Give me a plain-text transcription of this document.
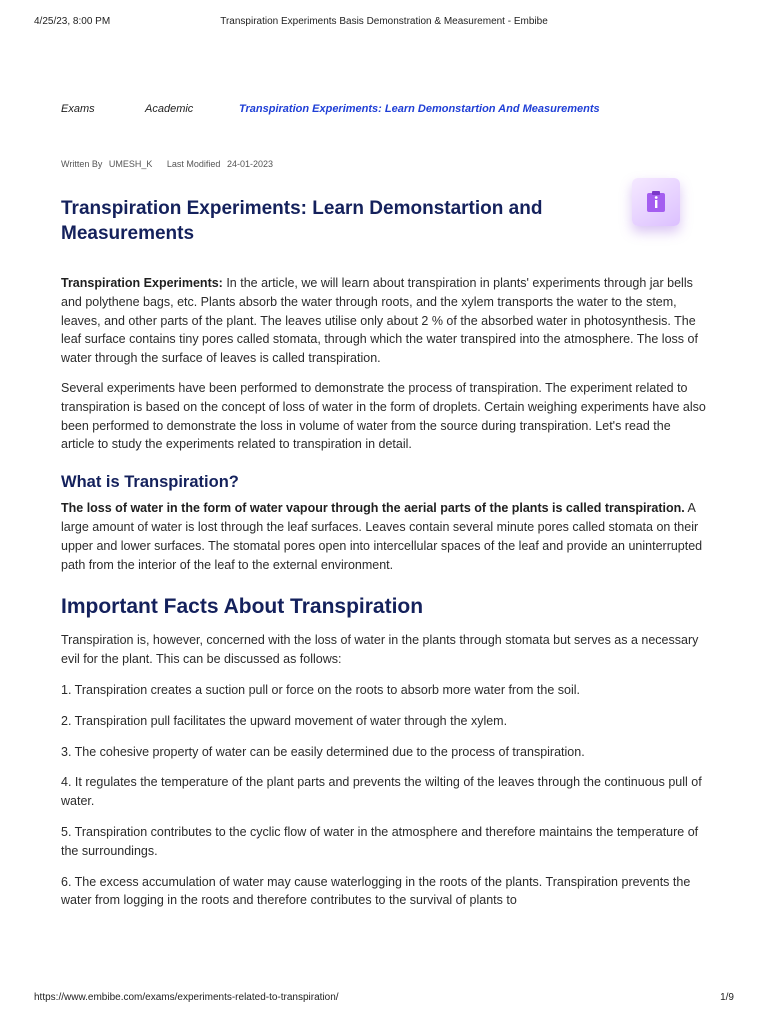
4/25/23, 8:00 PM	Transpiration Experiments Basis Demonstration & Measurement - Embibe
Exams	Academic	Transpiration Experiments: Learn Demonstartion And Measurements
Written By UMESH_K Last Modified 24-01-2023
Transpiration Experiments: Learn Demonstartion and Measurements

Transpiration Experiments: In the article, we will learn about transpiration in plants' experiments through jar bells and polythene bags, etc. Plants absorb the water through roots, and the xylem transports the water to the stem, leaves, and other parts of the plant. The leaves utilise only about 2 % of the absorbed water in photosynthesis. The leaf surface contains tiny pores called stomata, through which the water transpired into the atmosphere. The loss of water through the surface of leaves is called transpiration.

Several experiments have been performed to demonstrate the process of transpiration. The experiment related to transpiration is based on the concept of loss of water in the form of droplets. Certain weighing experiments have also been performed to demonstrate the loss in volume of water from the source during transpiration. Let's read the article to study the experiments related to transpiration in detail.

What is Transpiration?

The loss of water in the form of water vapour through the aerial parts of the plants is called transpiration. A large amount of water is lost through the leaf surfaces. Leaves contain several minute pores called stomata on their upper and lower surfaces. The stomatal pores open into intercellular spaces of the leaf and provide an uninterrupted path from the interior of the leaf to the external environment.

Important Facts About Transpiration

Transpiration is, however, concerned with the loss of water in the plants through stomata but serves as a necessary evil for the plant. This can be discussed as follows:

1. Transpiration creates a suction pull or force on the roots to absorb more water from the soil.

2. Transpiration pull facilitates the upward movement of water through the xylem.

3. The cohesive property of water can be easily determined due to the process of transpiration.

4. It regulates the temperature of the plant parts and prevents the wilting of the leaves through the continuous pull of water.

5. Transpiration contributes to the cyclic flow of water in the atmosphere and therefore maintains the temperature of the surroundings.

6. The excess accumulation of water may cause waterlogging in the roots of the plants. Transpiration prevents the water from logging in the roots and therefore contributes to the survival of plants to

https://www.embibe.com/exams/experiments-related-to-transpiration/	1/9
